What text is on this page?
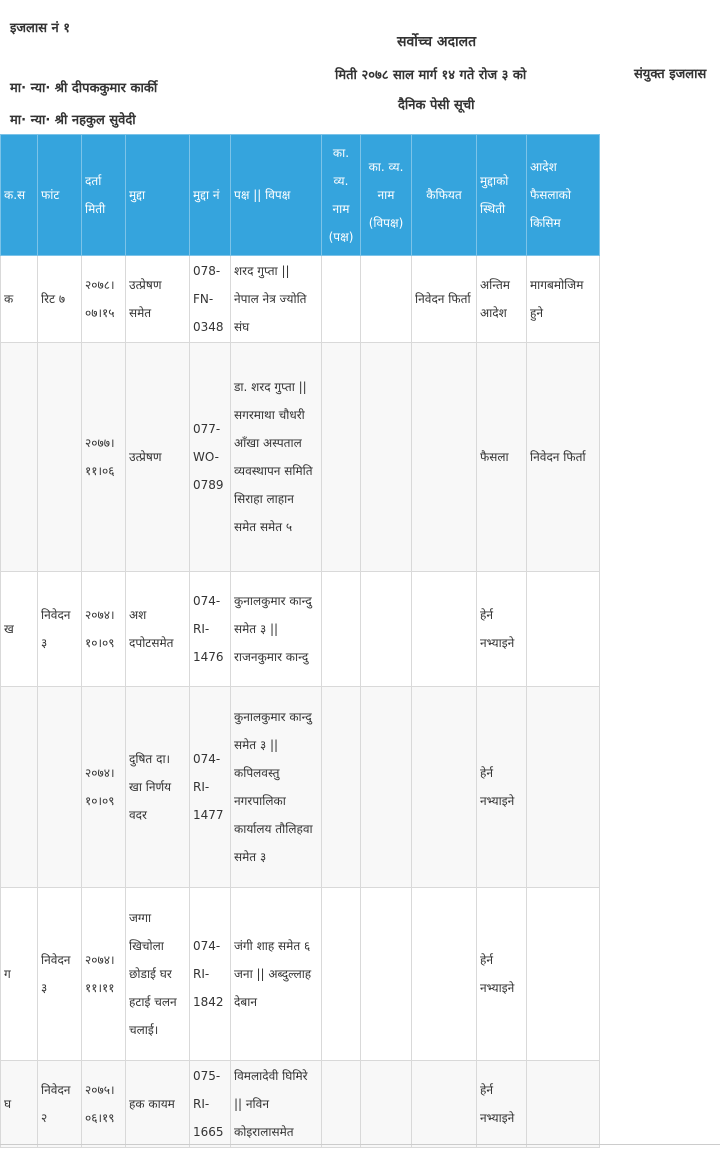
इजलास नं १
सर्वोच्च अदालत
मिती २०७८ साल मार्ग १४ गते रोज ३ को
दैनिक पेसी सूची
संयुक्त इजलास
मा· न्या· श्री दीपककुमार कार्की
मा· न्या· श्री नहकुल सुवेदी
क.स	फांट	दर्ता मिती	मुद्दा	मुद्दा नं	पक्ष || विपक्ष	का. व्य. नाम (पक्ष)	का. व्य. नाम (विपक्ष)	कैफियत	मुद्दाको स्थिती	आदेश फैसलाको किसिम
क	रिट ७	२०७८।०७।१५	उत्प्रेषण समेत	078-FN-0348	शरद गुप्ता || नेपाल नेत्र ज्योति संघ			निवेदन फिर्ता	अन्तिम आदेश	मागबमोजिम हुने
		२०७७।११।०६	उत्प्रेषण	077-WO-0789	डा. शरद गुप्ता || सगरमाथा चौधरी आँखा अस्पताल व्यवस्थापन समिति सिराहा लाहान समेत समेत ५				फैसला	निवेदन फिर्ता
ख	निवेदन ३	२०७४।१०।०९	अश दपोटसमेत	074-RI-1476	कुनालकुमार कान्दु समेत ३ || राजनकुमार कान्दु				हेर्न नभ्याइने	
		२०७४।१०।०९	दुषित दा। खा निर्णय वदर	074-RI-1477	कुनालकुमार कान्दु समेत ३ || कपिलवस्तु नगरपालिका कार्यालय तौलिहवा समेत ३				हेर्न नभ्याइने	
ग	निवेदन ३	२०७४।११।११	जग्गा खिचोला छोडाई घर हटाई चलन चलाई।	074-RI-1842	जंगी शाह समेत ६ जना || अब्दुल्लाह देबान				हेर्न नभ्याइने	
घ	निवेदन २	२०७५।०६।१९	हक कायम	075-RI-1665	विमलादेवी घिमिरे || नविन कोइरालासमेत				हेर्न नभ्याइने	
